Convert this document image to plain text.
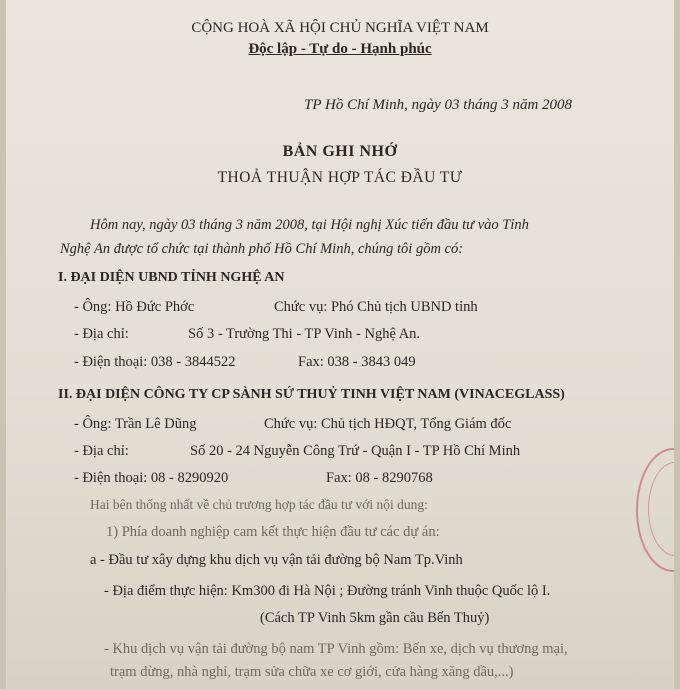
CỘNG HOÀ XÃ HỘI CHỦ NGHĨA VIỆT NAM
Độc lập - Tự do - Hạnh phúc
TP Hồ Chí Minh, ngày 03 tháng 3 năm 2008
BẢN GHI NHỚ
THOẢ THUẬN HỢP TÁC ĐẦU TƯ
Hôm nay, ngày 03 tháng 3 năm 2008, tại Hội nghị Xúc tiến đầu tư vào Tỉnh
Nghệ An được tổ chức tại thành phố Hồ Chí Minh, chúng tôi gồm có:
I. ĐẠI DIỆN UBND TỈNH NGHỆ AN
- Ông: Hồ Đức Phớc	Chức vụ: Phó Chủ tịch UBND tỉnh
- Địa chỉ:	Số 3 - Trường Thi - TP Vinh - Nghệ An.
- Điện thoại: 038 - 3844522	Fax: 038 - 3843 049
II. ĐẠI DIỆN CÔNG TY CP SÀNH SỨ THUỶ TINH VIỆT NAM (VINACEGLASS)
- Ông: Trần Lê Dũng	Chức vụ: Chủ tịch HĐQT, Tổng Giám đốc
- Địa chỉ:	Số 20 - 24 Nguyễn Công Trứ - Quận I - TP Hồ Chí Minh
- Điện thoại: 08 - 8290920	Fax: 08 - 8290768
Hai bên thống nhất về chủ trương hợp tác đầu tư với nội dung:
1) Phía doanh nghiệp cam kết thực hiện đầu tư các dự án:
a - Đầu tư xây dựng khu dịch vụ vận tải đường bộ Nam Tp.Vinh
- Địa điểm thực hiện: Km300 đi Hà Nội ; Đường tránh Vinh thuộc Quốc lộ I.
(Cách TP Vinh 5km gần cầu Bến Thuỷ)
- Khu dịch vụ vận tải đường bộ nam TP Vinh gồm: Bến xe, dịch vụ thương mại,
trạm dừng, nhà nghỉ, trạm sửa chữa xe cơ giới, cửa hàng xăng dầu,...)
